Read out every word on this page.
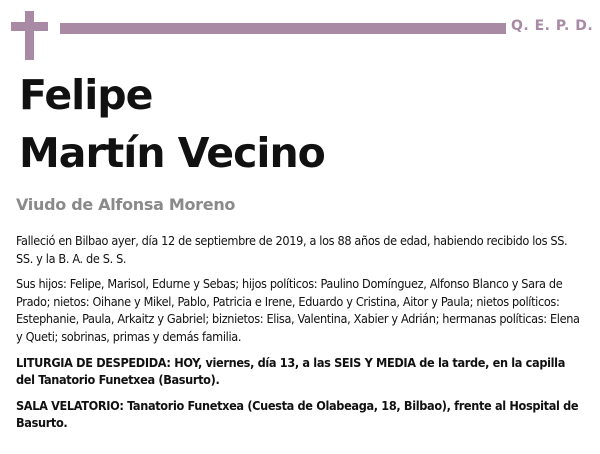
Q. E. P. D.
Felipe
Martín Vecino
Viudo de Alfonsa Moreno

Falleció en Bilbao ayer, día 12 de septiembre de 2019, a los 88 años de edad, habiendo recibido los SS. SS. y la B. A. de S. S.

Sus hijos: Felipe, Marisol, Edurne y Sebas; hijos políticos: Paulino Domínguez, Alfonso Blanco y Sara de Prado; nietos: Oihane y Mikel, Pablo, Patricia e Irene, Eduardo y Cristina, Aitor y Paula; nietos políticos: Estephanie, Paula, Arkaitz y Gabriel; biznietos: Elisa, Valentina, Xabier y Adrián; hermanas políticas: Elena y Queti; sobrinas, primas y demás familia.

LITURGIA DE DESPEDIDA: HOY, viernes, día 13, a las SEIS Y MEDIA de la tarde, en la capilla del Tanatorio Funetxea (Basurto).

SALA VELATORIO: Tanatorio Funetxea (Cuesta de Olabeaga, 18, Bilbao), frente al Hospital de Basurto.
